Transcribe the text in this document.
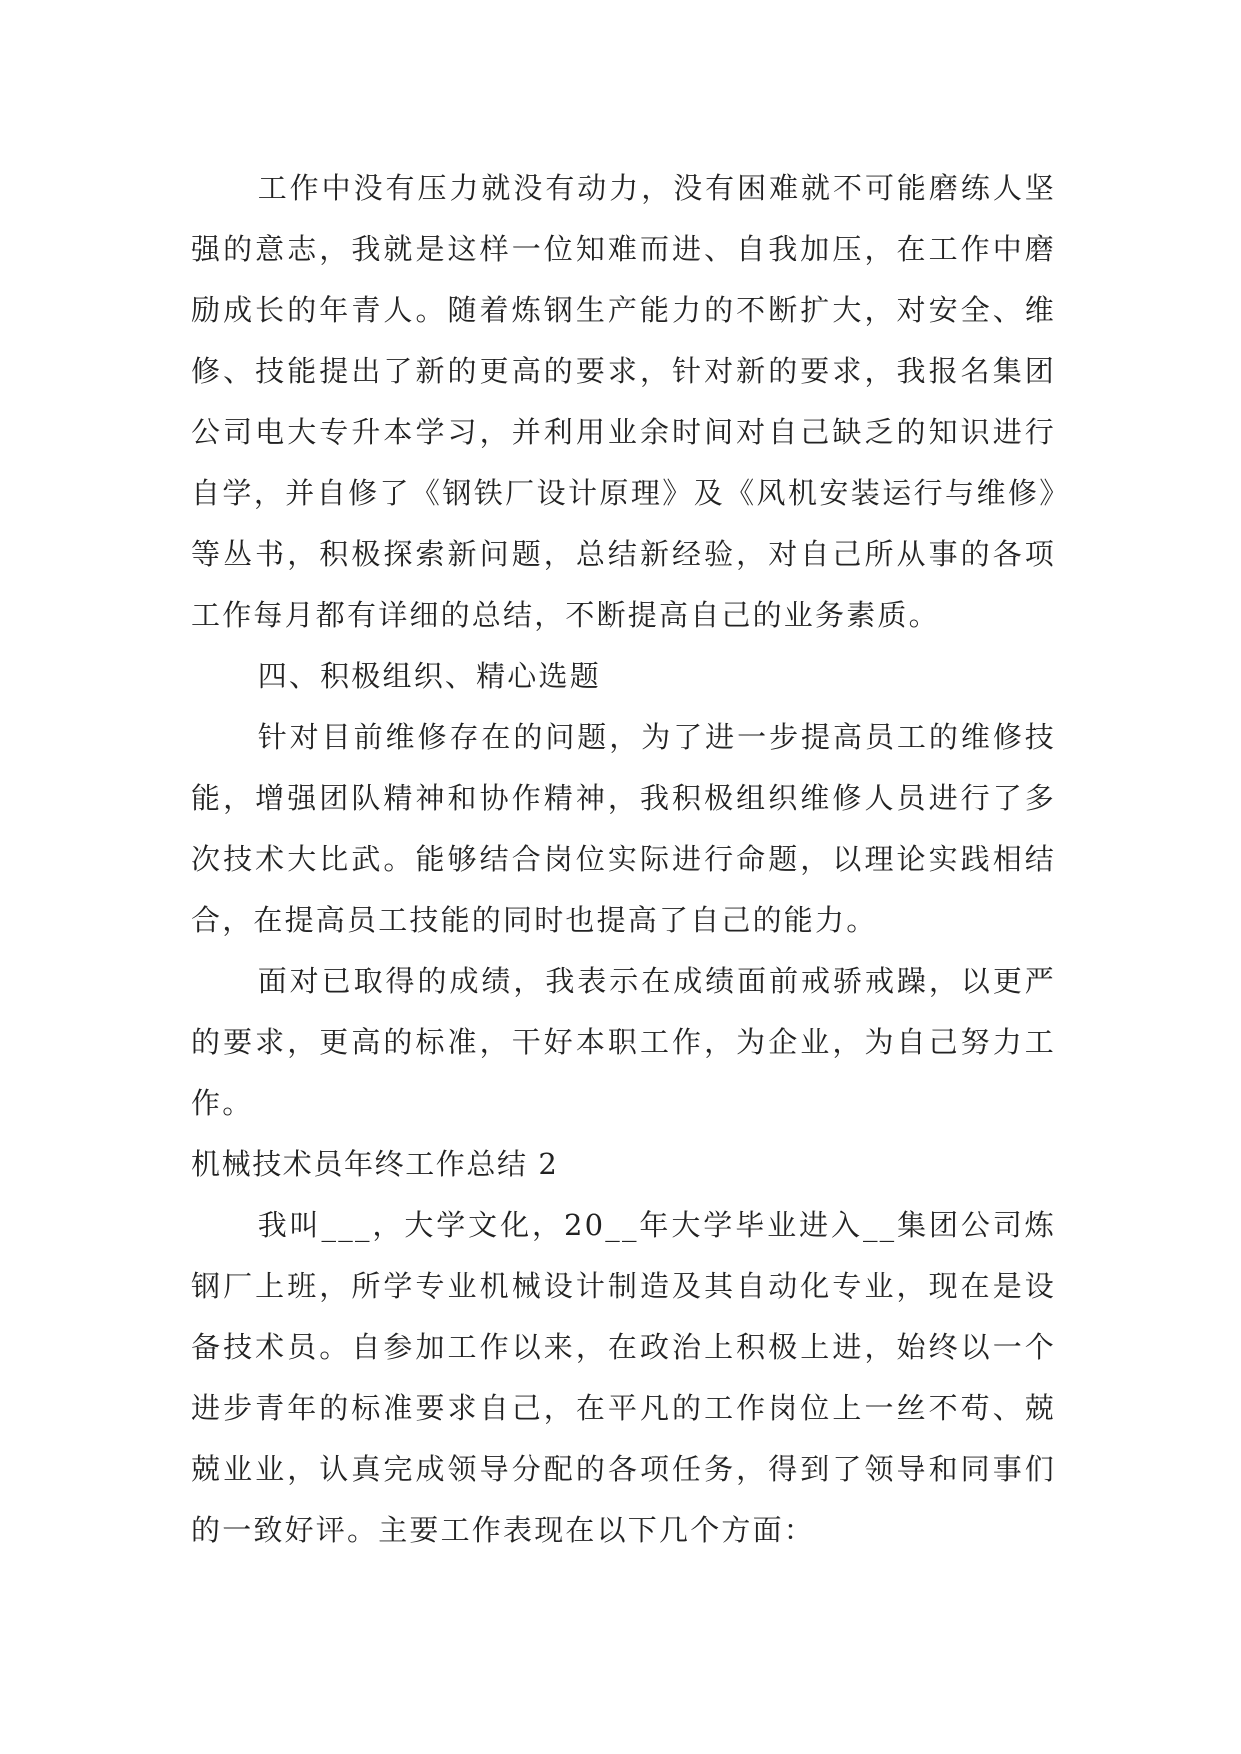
工作中没有压力就没有动力，没有困难就不可能磨练人坚强的意志，我就是这样一位知难而进、自我加压，在工作中磨励成长的年青人。随着炼钢生产能力的不断扩大，对安全、维修、技能提出了新的更高的要求，针对新的要求，我报名集团公司电大专升本学习，并利用业余时间对自己缺乏的知识进行自学，并自修了《钢铁厂设计原理》及《风机安装运行与维修》等丛书，积极探索新问题，总结新经验，对自己所从事的各项工作每月都有详细的总结，不断提高自己的业务素质。

四、积极组织、精心选题

针对目前维修存在的问题，为了进一步提高员工的维修技能，增强团队精神和协作精神，我积极组织维修人员进行了多次技术大比武。能够结合岗位实际进行命题，以理论实践相结合，在提高员工技能的同时也提高了自己的能力。

面对已取得的成绩，我表示在成绩面前戒骄戒躁，以更严的要求，更高的标准，干好本职工作，为企业，为自己努力工作。

机械技术员年终工作总结 2

我叫___，大学文化，20__年大学毕业进入__集团公司炼钢厂上班，所学专业机械设计制造及其自动化专业，现在是设备技术员。自参加工作以来，在政治上积极上进，始终以一个进步青年的标准要求自己，在平凡的工作岗位上一丝不苟、兢兢业业，认真完成领导分配的各项任务，得到了领导和同事们的一致好评。主要工作表现在以下几个方面：
